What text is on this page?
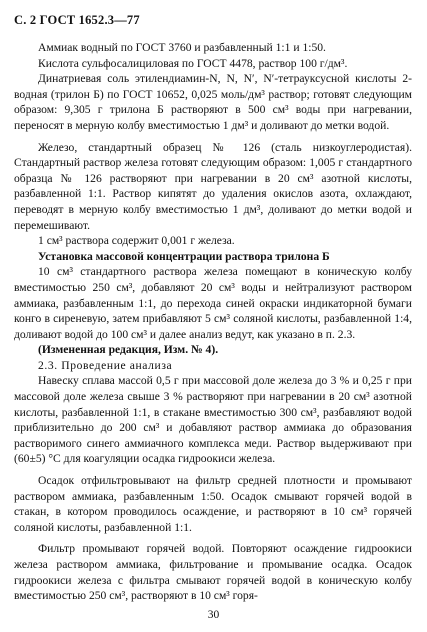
С. 2 ГОСТ 1652.3—77

Аммиак водный по ГОСТ 3760 и разбавленный 1:1 и 1:50.

Кислота сульфосалициловая по ГОСТ 4478, раствор 100 г/дм³.

Динатриевая соль этилендиамин-N, N, N′, N′-тетрауксусной кислоты 2-водная (трилон Б) по ГОСТ 10652, 0,025 моль/дм³ раствор; готовят следующим образом: 9,305 г трилона Б растворяют в 500 см³ воды при нагревании, переносят в мерную колбу вместимостью 1 дм³ и доливают до метки водой.

Железо, стандартный образец № 126 (сталь низкоуглеродистая). Стандартный раствор железа готовят следующим образом: 1,005 г стандартного образца № 126 растворяют при нагревании в 20 см³ азотной кислоты, разбавленной 1:1. Раствор кипятят до удаления окислов азота, охлаждают, переводят в мерную колбу вместимостью 1 дм³, доливают до метки водой и перемешивают.

1 см³ раствора содержит 0,001 г железа.

Установка массовой концентрации раствора трилона Б

10 см³ стандартного раствора железа помещают в коническую колбу вместимостью 250 см³, добавляют 20 см³ воды и нейтрализуют раствором аммиака, разбавленным 1:1, до перехода синей окраски индикаторной бумаги конго в сиреневую, затем прибавляют 5 см³ соляной кислоты, разбавленной 1:4, доливают водой до 100 см³ и далее анализ ведут, как указано в п. 2.3.

(Измененная редакция, Изм. № 4).

2.3. Проведение анализа

Навеску сплава массой 0,5 г при массовой доле железа до 3 % и 0,25 г при массовой доле железа свыше 3 % растворяют при нагревании в 20 см³ азотной кислоты, разбавленной 1:1, в стакане вместимостью 300 см³, разбавляют водой приблизительно до 200 см³ и добавляют раствор аммиака до образования растворимого синего аммиачного комплекса меди. Раствор выдерживают при (60±5) °С для коагуляции осадка гидроокиси железа.

Осадок отфильтровывают на фильтр средней плотности и промывают раствором аммиака, разбавленным 1:50. Осадок смывают горячей водой в стакан, в котором проводилось осаждение, и растворяют в 10 см³ горячей соляной кислоты, разбавленной 1:1.

Фильтр промывают горячей водой. Повторяют осаждение гидроокиси железа раствором аммиака, фильтрование и промывание осадка. Осадок гидроокиси железа с фильтра смывают горячей водой в коническую колбу вместимостью 250 см³, растворяют в 10 см³ горя-

30
